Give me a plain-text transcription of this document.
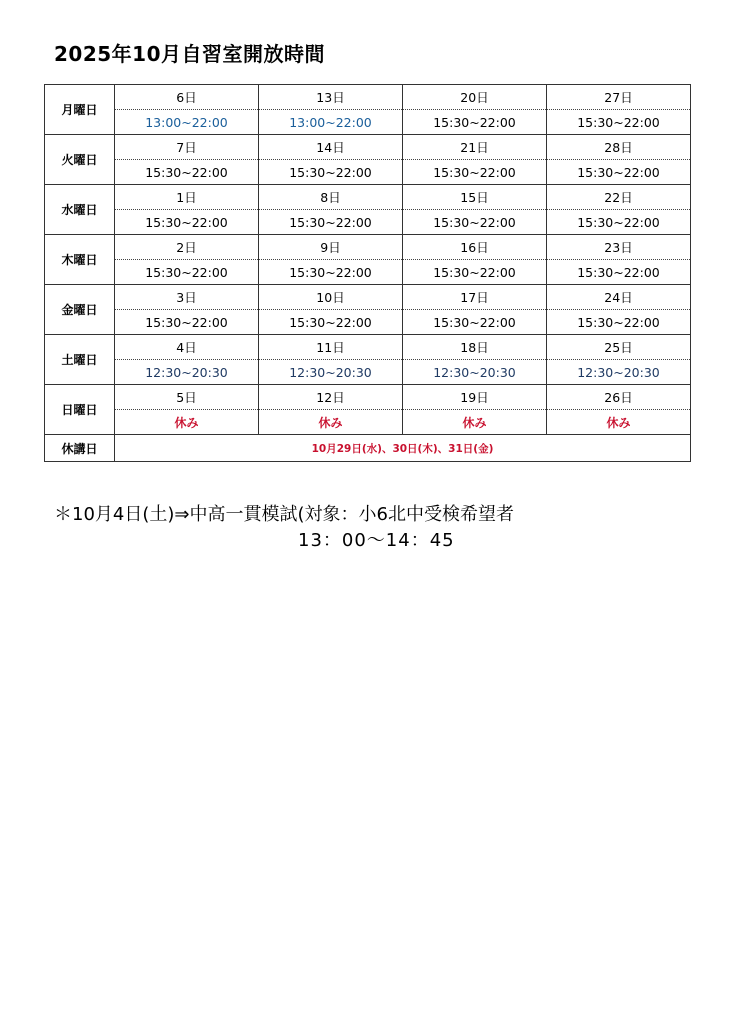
2025年10月自習室開放時間
月曜日	6日	13日	20日	27日
	13:00~22:00	13:00~22:00	15:30~22:00	15:30~22:00
火曜日	7日	14日	21日	28日
	15:30~22:00	15:30~22:00	15:30~22:00	15:30~22:00
水曜日	1日	8日	15日	22日
	15:30~22:00	15:30~22:00	15:30~22:00	15:30~22:00
木曜日	2日	9日	16日	23日
	15:30~22:00	15:30~22:00	15:30~22:00	15:30~22:00
金曜日	3日	10日	17日	24日
	15:30~22:00	15:30~22:00	15:30~22:00	15:30~22:00
土曜日	4日	11日	18日	25日
	12:30~20:30	12:30~20:30	12:30~20:30	12:30~20:30
日曜日	5日	12日	19日	26日
	休み	休み	休み	休み
休講日	10月29日(水)、30日(木)、31日(金)			
＊10月4日(土)⇒中高一貫模試(対象：小6北中受検希望者
13：00〜14：45
